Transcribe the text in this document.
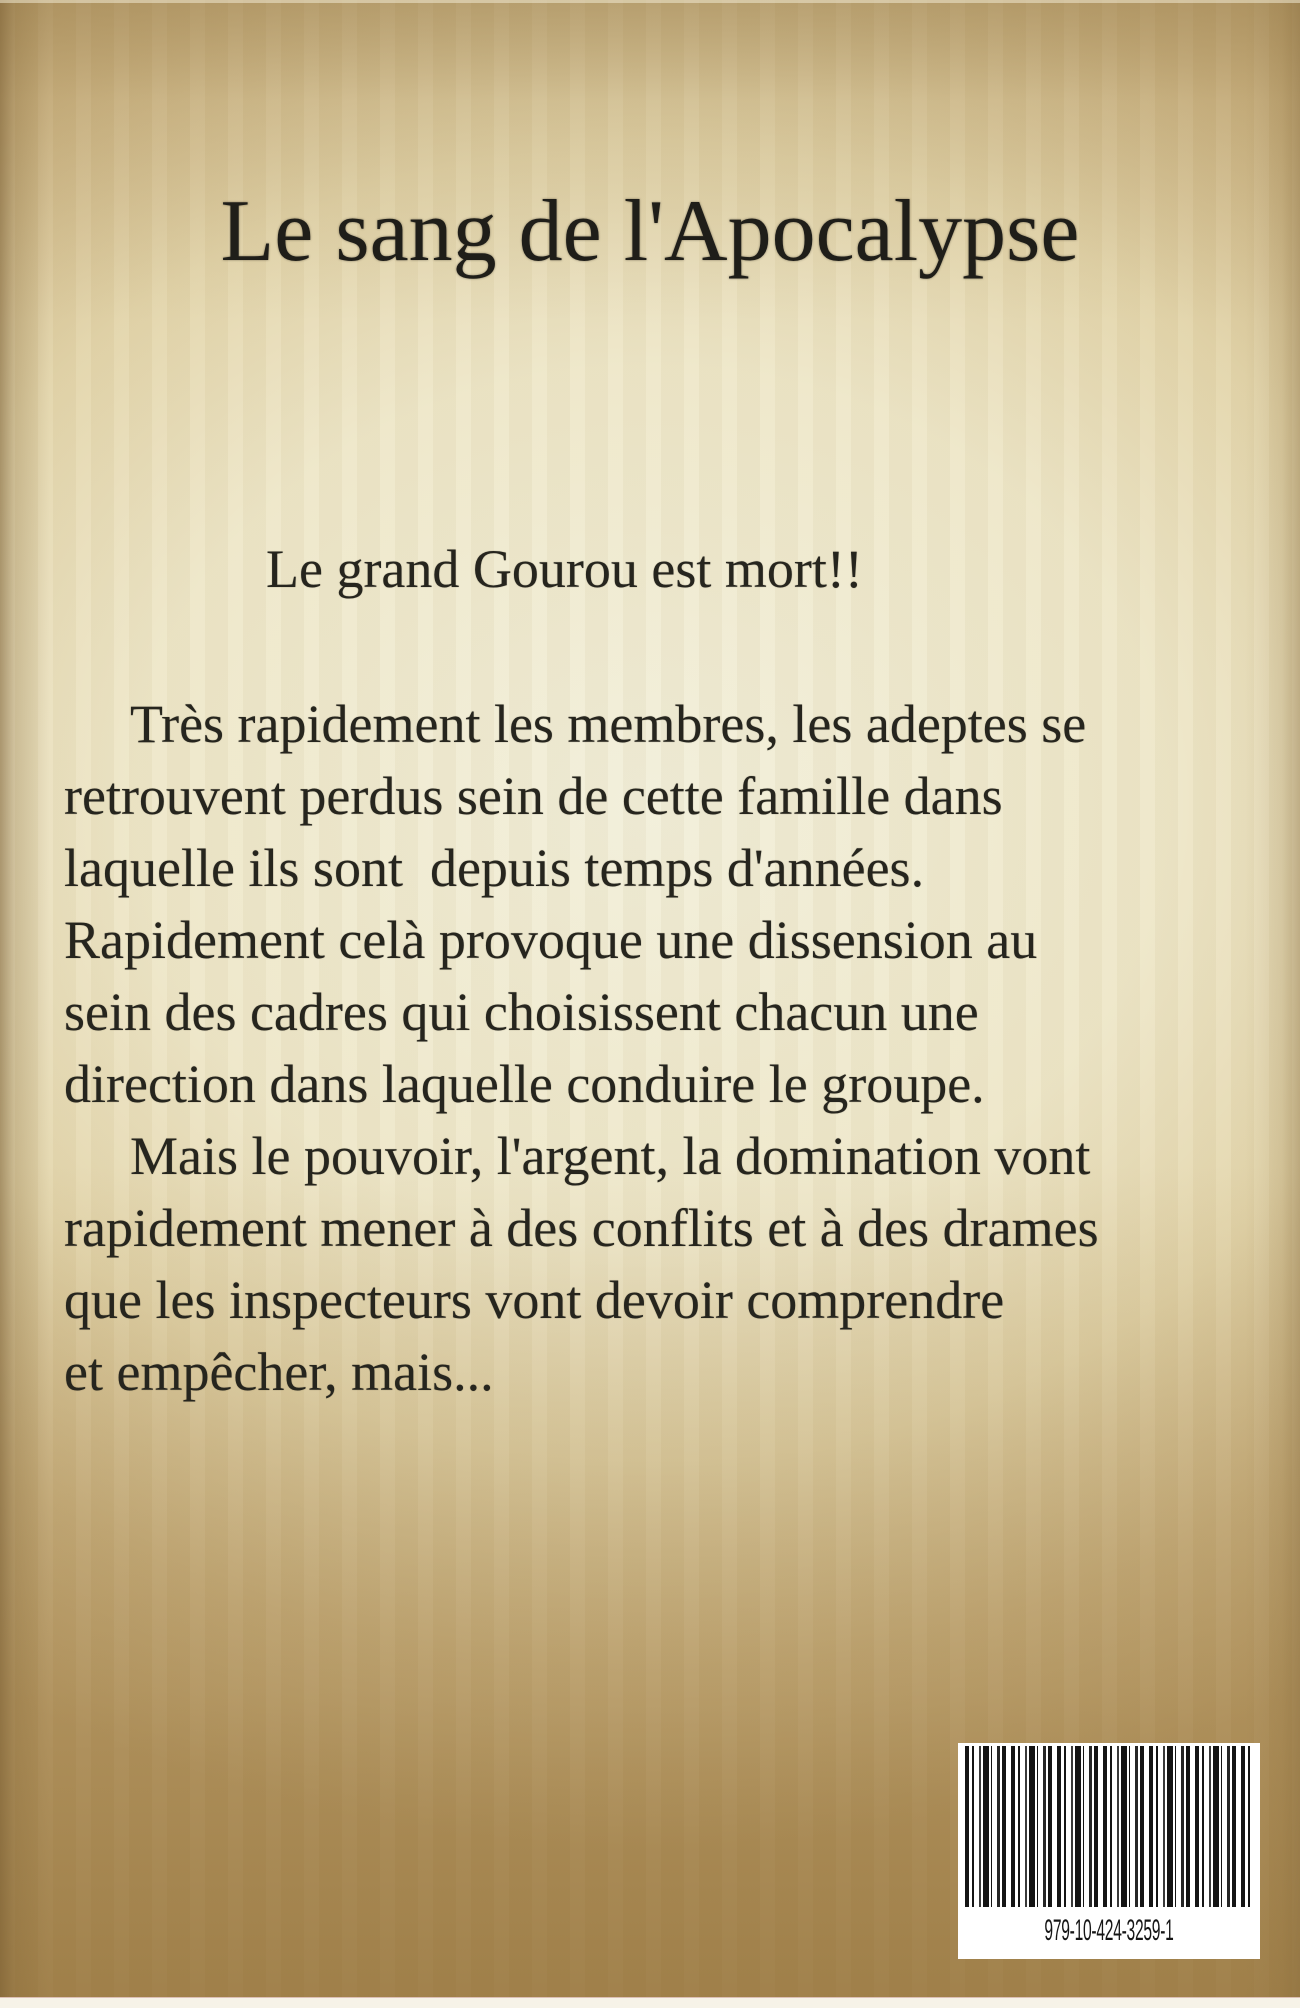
Le sang de l'Apocalypse
Le grand Gourou est mort!!
Très rapidement les membres, les adeptes se
retrouvent perdus sein de cette famille dans
laquelle ils sont  depuis temps d'années.
Rapidement celà provoque une dissension au
sein des cadres qui choisissent chacun une
direction dans laquelle conduire le groupe.
Mais le pouvoir, l'argent, la domination vont
rapidement mener à des conflits et à des drames
que les inspecteurs vont devoir comprendre
et empêcher, mais...
979-10-424-3259-1
